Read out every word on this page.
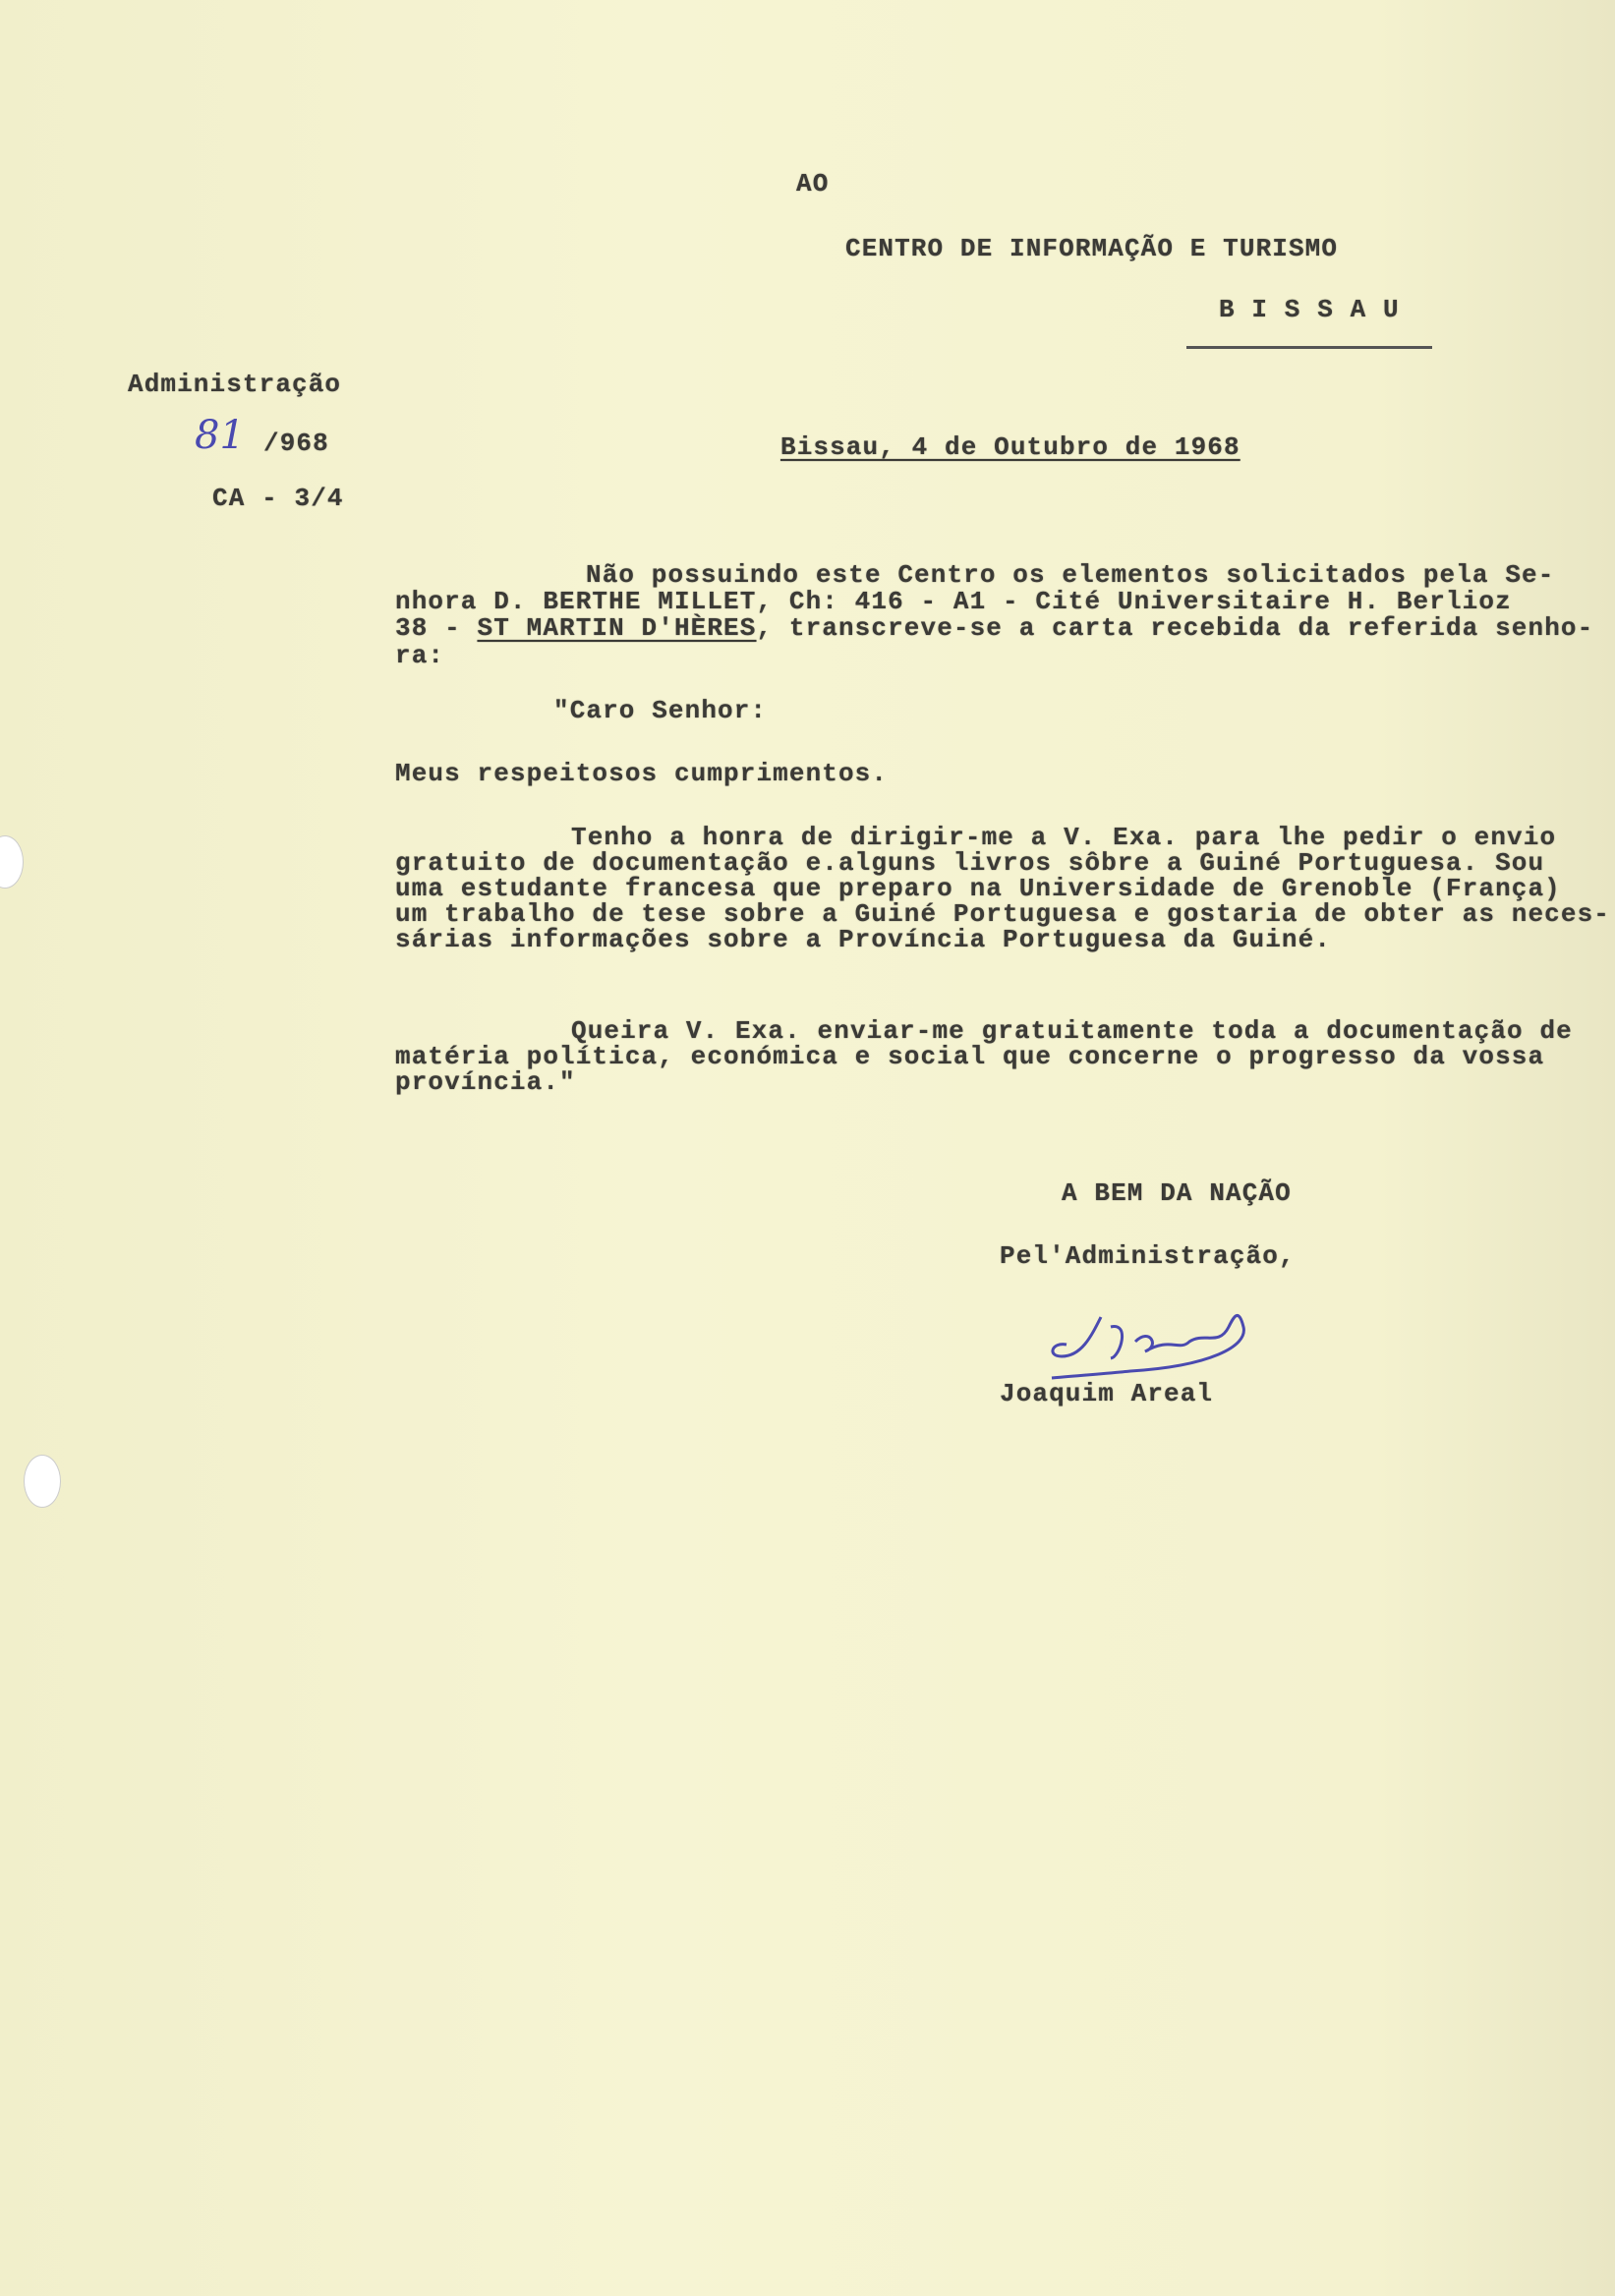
AO
CENTRO DE INFORMAÇÃO E TURISMO
B I S S A U
Administração
81 /968
CA - 3/4
Bissau, 4 de Outubro de 1968
Não possuindo este Centro os elementos solicitados pela Se-
nhora D. BERTHE MILLET, Ch: 416 - A1 - Cité Universitaire H. Berlioz
38 - ST MARTIN D'HÈRES, transcreve-se a carta recebida da referida senho-
ra:
"Caro Senhor:
Meus respeitosos cumprimentos.
Tenho a honra de dirigir-me a V. Exa. para lhe pedir o envio
gratuito de documentação e.alguns livros sôbre a Guiné Portuguesa. Sou
uma estudante francesa que preparo na Universidade de Grenoble (França)
um trabalho de tese sobre a Guiné Portuguesa e gostaria de obter as neces-
sárias informações sobre a Província Portuguesa da Guiné.
Queira V. Exa. enviar-me gratuitamente toda a documentação de
matéria política, económica e social que concerne o progresso da vossa
província."
A BEM DA NAÇÃO
Pel'Administração,
Joaquim Areal
